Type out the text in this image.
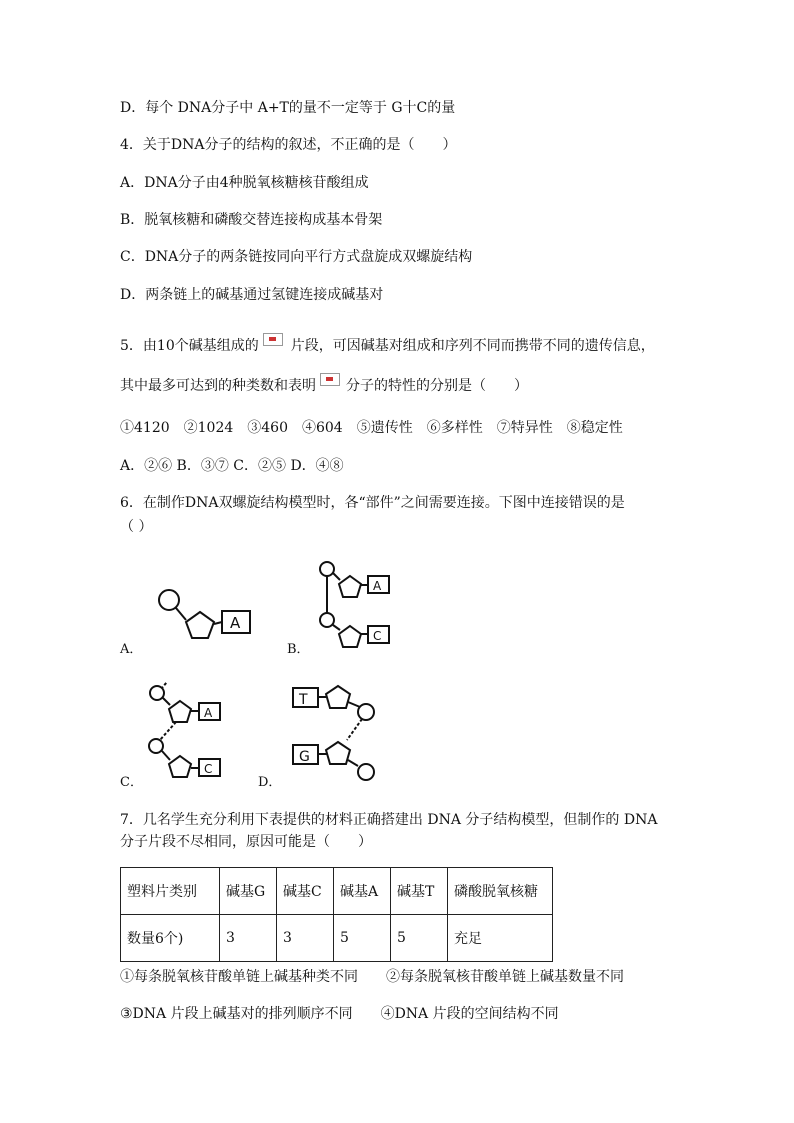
D．每个 DNA分子中 A+T的量不一定等于 G十C的量
4．关于DNA分子的结构的叙述，不正确的是（　　）
A．DNA分子由4种脱氧核糖核苷酸组成
B．脱氧核糖和磷酸交替连接构成基本骨架
C．DNA分子的两条链按同向平行方式盘旋成双螺旋结构
D．两条链上的碱基通过氢键连接成碱基对
5．由10个碱基组成的 片段，可因碱基对组成和序列不同而携带不同的遗传信息，
其中最多可达到的种类数和表明 分子的特性的分别是（　　）
①4120　②1024　③460　④604　⑤遗传性　⑥多样性　⑦特异性　⑧稳定性
A．②⑥ B．③⑦ C．②⑤ D．④⑧
6．在制作DNA双螺旋结构模型时，各“部件”之间需要连接。下图中连接错误的是
（ ）
A
A
C
A
C
T
G
A．	B．
C．	D．
7．几名学生充分利用下表提供的材料正确搭建出 DNA 分子结构模型，但制作的 DNA
分子片段不尽相同，原因可能是（　　）
塑料片类别	碱基G	碱基C	碱基A	碱基T	磷酸脱氧核糖
数量6个)	3	3	5	5	充足
①每条脱氧核苷酸单链上碱基种类不同　　②每条脱氧核苷酸单链上碱基数量不同
③DNA 片段上碱基对的排列顺序不同　　④DNA 片段的空间结构不同
